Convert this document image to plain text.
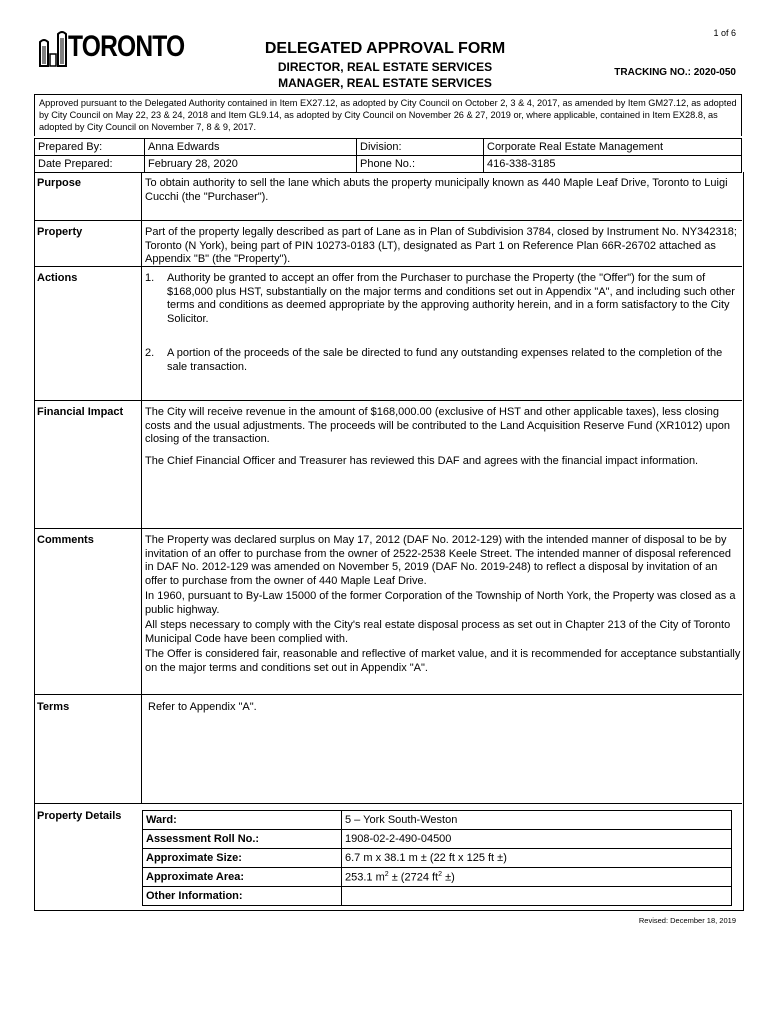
1 of 6
TORONTO	DELEGATED APPROVAL FORM
DIRECTOR, REAL ESTATE SERVICES
MANAGER, REAL ESTATE SERVICES
TRACKING NO.: 2020-050
Approved pursuant to the Delegated Authority contained in Item EX27.12, as adopted by City Council on October 2, 3 & 4, 2017, as amended by Item GM27.12, as adopted by City Council on May 22, 23 & 24, 2018 and Item GL9.14, as adopted by City Council on November 26 & 27, 2019 or, where applicable, contained in Item EX28.8, as adopted by City Council on November 7, 8 & 9, 2017.
Prepared By:	Anna Edwards	Division:	Corporate Real Estate Management
Date Prepared:	February 28, 2020	Phone No.:	416-338-3185
Purpose	To obtain authority to sell the lane which abuts the property municipally known as 440 Maple Leaf Drive, Toronto to Luigi Cucchi (the "Purchaser").
Property	Part of the property legally described as part of Lane as in Plan of Subdivision 3784, closed by Instrument No. NY342318; Toronto (N York), being part of PIN 10273-0183 (LT), designated as Part 1 on Reference Plan 66R-26702 attached as Appendix "B" (the "Property").
Actions	1. Authority be granted to accept an offer from the Purchaser to purchase the Property (the "Offer") for the sum of $168,000 plus HST, substantially on the major terms and conditions set out in Appendix "A", and including such other terms and conditions as deemed appropriate by the approving authority herein, and in a form satisfactory to the City Solicitor.
2. A portion of the proceeds of the sale be directed to fund any outstanding expenses related to the completion of the sale transaction.
Financial Impact The City will receive revenue in the amount of $168,000.00 (exclusive of HST and other applicable taxes), less closing costs and the usual adjustments. The proceeds will be contributed to the Land Acquisition Reserve Fund (XR1012) upon closing of the transaction.

The Chief Financial Officer and Treasurer has reviewed this DAF and agrees with the financial impact information.

Comments	The Property was declared surplus on May 17, 2012 (DAF No. 2012-129) with the intended manner of disposal to be by invitation of an offer to purchase from the owner of 2522-2538 Keele Street. The intended manner of disposal referenced in DAF No. 2012-129 was amended on November 5, 2019 (DAF No. 2019-248) to reflect a disposal by invitation of an offer to purchase from the owner of 440 Maple Leaf Drive.

In 1960, pursuant to By-Law 15000 of the former Corporation of the Township of North York, the Property was closed as a public highway.

All steps necessary to comply with the City's real estate disposal process as set out in Chapter 213 of the City of Toronto Municipal Code have been complied with.

The Offer is considered fair, reasonable and reflective of market value, and it is recommended for acceptance substantially on the major terms and conditions set out in Appendix "A".

Terms	Refer to Appendix "A".
Property Details Ward:	5 – York South-Weston
Assessment Roll No.:	1908-02-2-490-04500
Approximate Size:	6.7 m x 38.1 m ± (22 ft x 125 ft ±)
Approximate Area:	253.1 $m^2 \pm (2724$ $ft^2$ ±)
Other Information:	
Revised: December 18, 2019
